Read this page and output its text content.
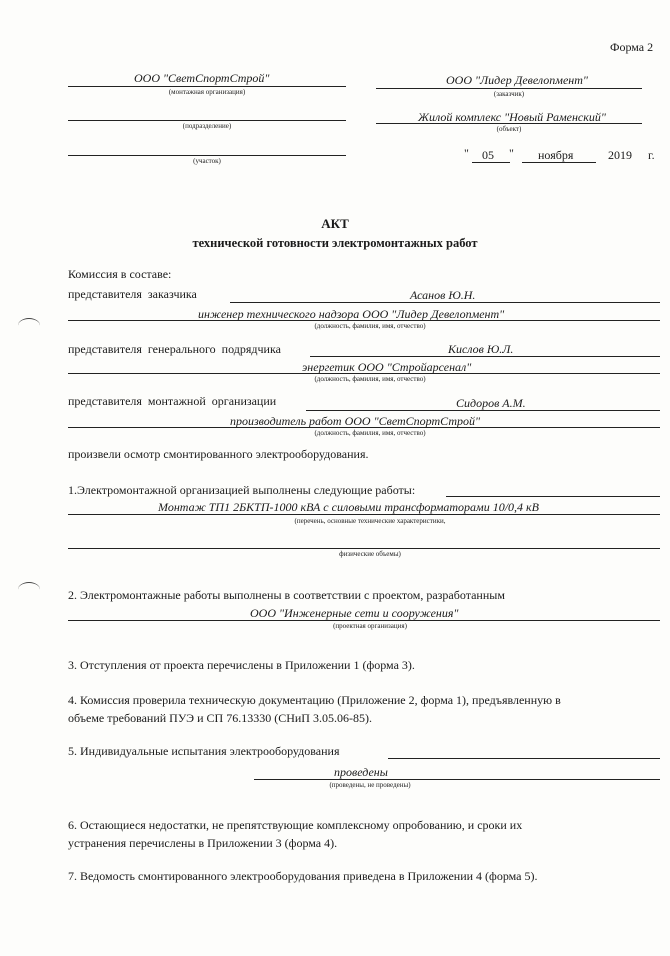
Форма 2
ООО "СветСпортСтрой"
(монтажная организация)
(подразделение)
(участок)
ООО "Лидер Девелопмент"
(заказчик)
Жилой комплекс "Новый Раменский"
(объект)
" 05 " ноября	2019 г.
АКТ
технической готовности электромонтажных работ
Комиссия в составе:
представителя заказчика	Асанов Ю.Н.
инженер технического надзора ООО "Лидер Девелопмент"
(должность, фамилия, имя, отчество)
представителя генерального подрядчика	Кислов Ю.Л.
энергетик ООО "Стройарсенал"
(должность, фамилия, имя, отчество)
представителя монтажной организации	Сидоров А.М.
производитель работ ООО "СветСпортСтрой"
(должность, фамилия, имя, отчество)
произвели осмотр смонтированного электрооборудования.
1.Электромонтажной организацией выполнены следующие работы:
Монтаж ТП1 2БКТП-1000 кВА с силовыми трансформаторами 10/0,4 кВ
(перечень, основные технические характеристики,
физические объемы)
2. Электромонтажные работы выполнены в соответствии с проектом, разработанным
ООО "Инженерные сети и сооружения"
(проектная организация)
3. Отступления от проекта перечислены в Приложении 1 (форма 3).
4. Комиссия проверила техническую документацию (Приложение 2, форма 1), предъявленную в
объеме требований ПУЭ и СП 76.13330 (СНиП 3.05.06-85).
5. Индивидуальные испытания электрооборудования
проведены
(проведены, не проведены)
6. Остающиеся недостатки, не препятствующие комплексному опробованию, и сроки их
устранения перечислены в Приложении 3 (форма 4).
7. Ведомость смонтированного электрооборудования приведена в Приложении 4 (форма 5).
